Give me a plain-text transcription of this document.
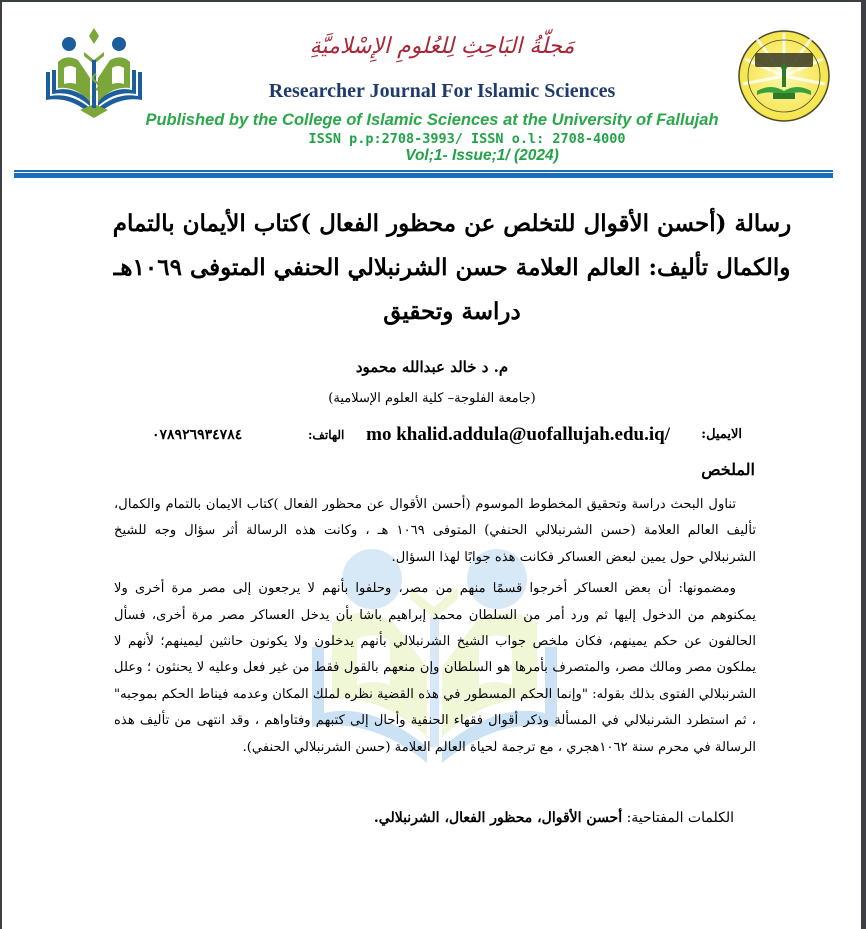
مَجلّةُ البَاحِثِ لِلعُلومِ الإِسْلاميَّةِ
Researcher Journal For Islamic Sciences
Published by the College of Islamic Sciences at the University of Fallujah
ISSN p.p:2708-3993/ ISSN o.l: 2708-4000
Vol;1- Issue;1/ (2024)
رسالة (أحسن الأقوال للتخلص عن محظور الفعال )كتاب الأيمان بالتمام
والكمال تأليف: العالم العلامة حسن الشرنبلالي الحنفي المتوفى ١٠٦٩هـ
دراسة وتحقيق
م. د خالد عبدالله محمود
(جامعة الفلوجة– كلية العلوم الإسلامية)
الايميل:
mo khalid.addula@uofallujah.edu.iq/
الهاتف:
٠٧٨٩٢٦٩٣٤٧٨٤
الملخص

تناول البحث دراسة وتحقيق المخطوط الموسوم (أحسن الأقوال عن محظور الفعال )كتاب الايمان بالتمام والكمال، تأليف العالم العلامة (حسن الشرنبلالي الحنفي) المتوفى ١٠٦٩ هـ ، وكانت هذه الرسالة أثر سؤال وجه للشيخ الشرنبلالي حول يمين لبعض العساكر فكانت هذه جوابًا لهذا السؤال.

ومضمونها: أن بعض العساكر أخرجوا قسمًا منهم من مصر، وحلفوا بأنهم لا يرجعون إلى مصر مرة أخرى ولا يمكنوهم من الدخول إليها ثم ورد أمر من السلطان محمد إبراهيم باشا بأن يدخل العساكر مصر مرة أخرى، فسأل الحالفون عن حكم يمينهم، فكان ملخص جواب الشيخ الشرنبلالي بأنهم يدخلون ولا يكونون حانثين ليمينهم؛ لأنهم لا يملكون مصر ومالك مصر، والمتصرف بأمرها هو السلطان وإن منعهم بالقول فقط من غير فعل وعليه لا يحنثون ؛ وعلل الشرنبلالي الفتوى بذلك بقوله: "وإنما الحكم المسطور في هذه القضية نظره لملك المكان وعدمه فيناط الحكم بموجبه" ، ثم استطرد الشرنبلالي في المسألة وذكر أقوال فقهاء الحنفية وأحال إلى كتبهم وفتاواهم ، وقد انتهى من تأليف هذه الرسالة في محرم سنة ١٠٦٢هجري ، مع ترجمة لحياة العالم العلامة (حسن الشرنبلالي الحنفي).

الكلمات المفتاحية: أحسن الأقوال، محظور الفعال، الشرنبلالي.
